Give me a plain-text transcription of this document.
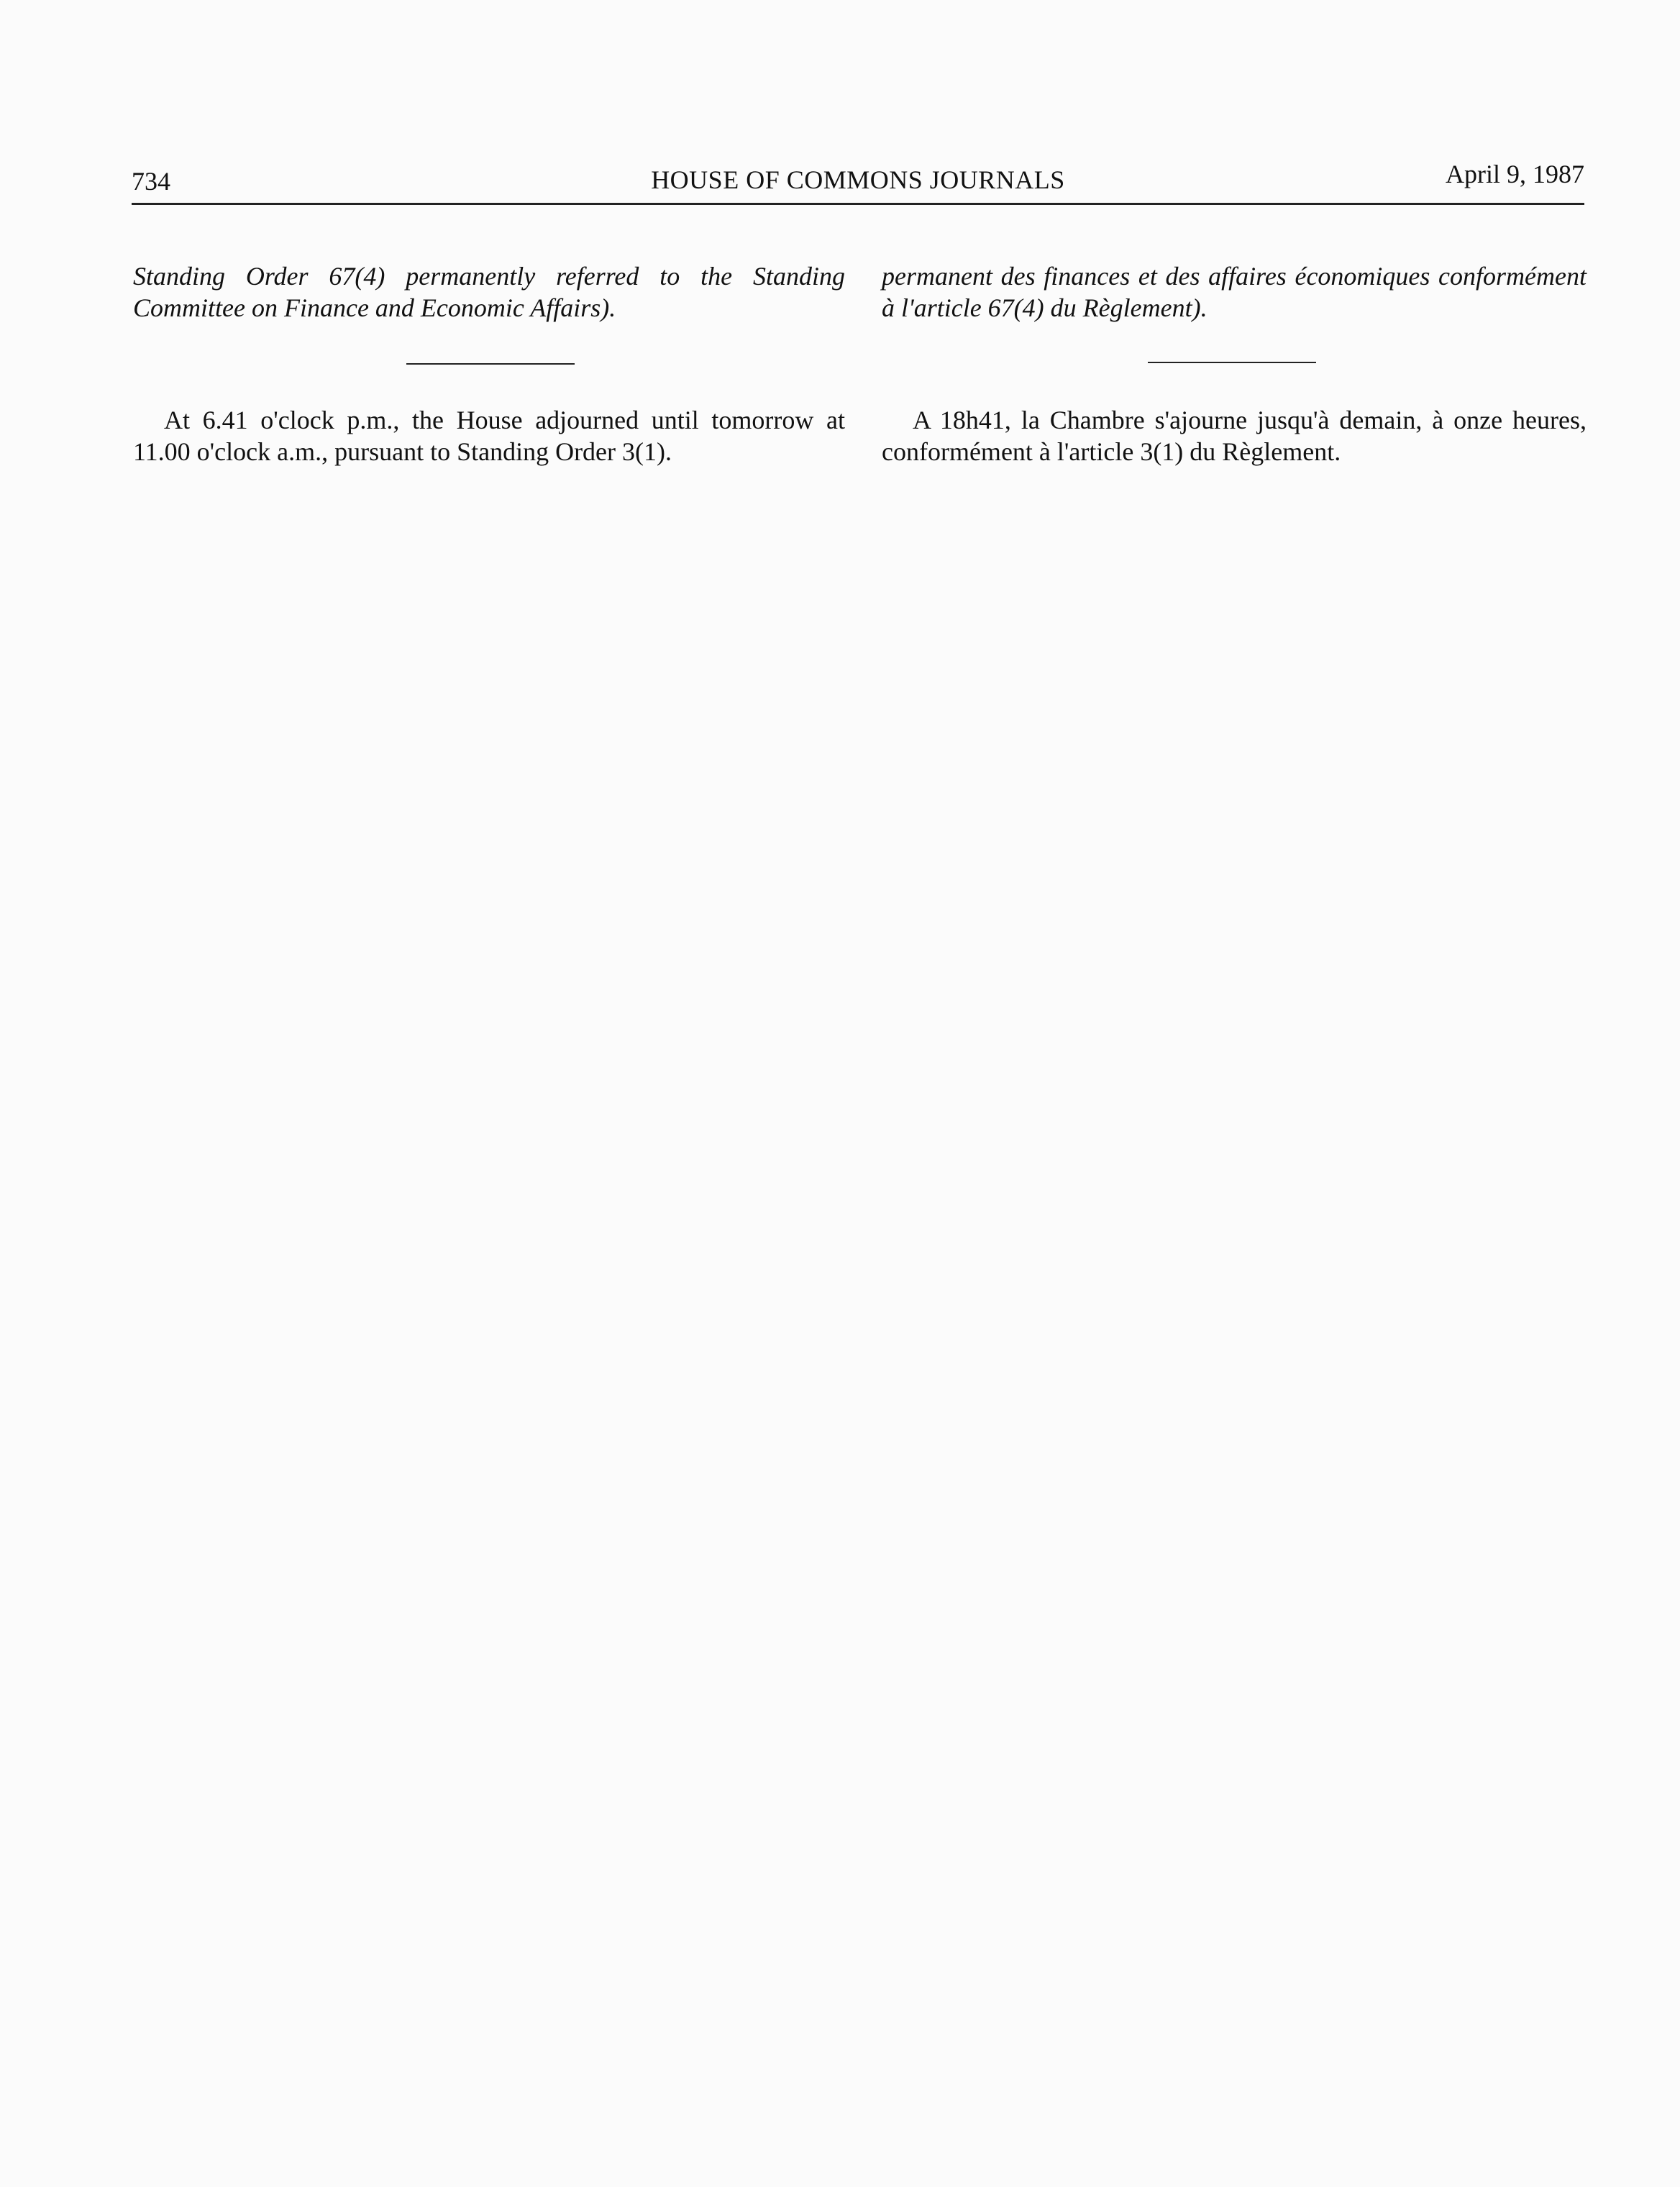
734	HOUSE OF COMMONS JOURNALS	April 9, 1987

Standing Order 67(4) permanently referred to the Standing Committee on Finance and Economic Affairs).

At 6.41 o'clock p.m., the House adjourned until tomorrow at 11.00 o'clock a.m., pursuant to Standing Order 3(1).

permanent des finances et des affaires économiques conformément à l'article 67(4) du Règlement).

A 18h41, la Chambre s'ajourne jusqu'à demain, à onze heures, conformément à l'article 3(1) du Règlement.
